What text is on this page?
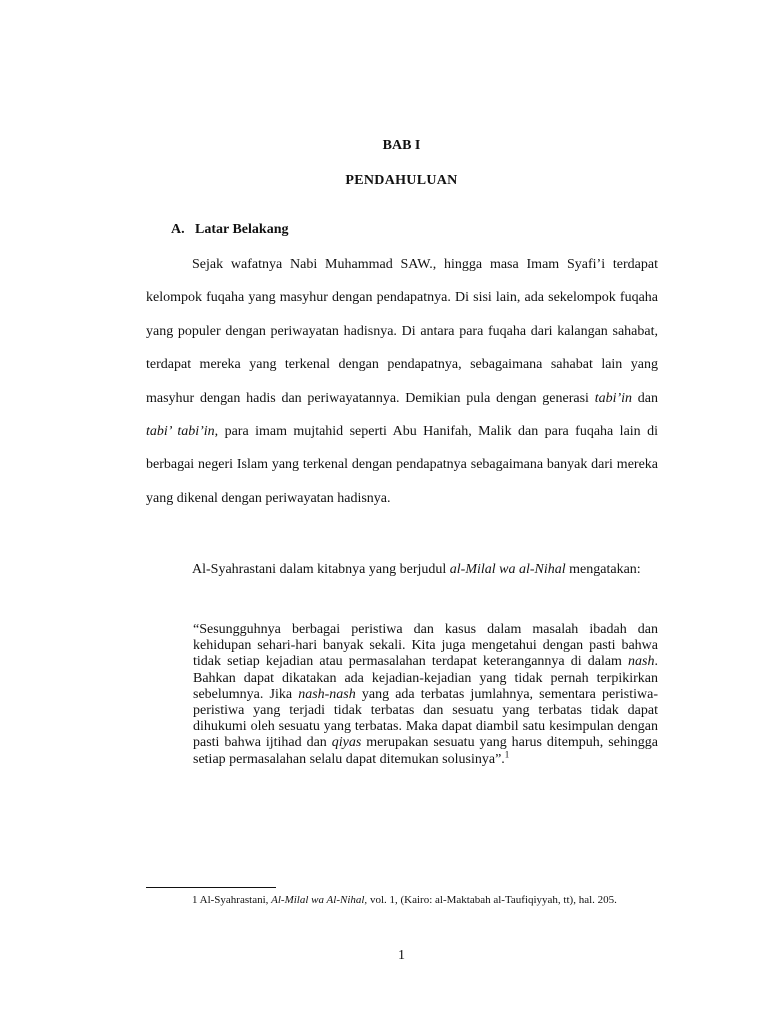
BAB I
PENDAHULUAN
A. Latar Belakang
Sejak wafatnya Nabi Muhammad SAW., hingga masa Imam Syafi’i terdapat kelompok fuqaha yang masyhur dengan pendapatnya. Di sisi lain, ada sekelompok fuqaha yang populer dengan periwayatan hadisnya. Di antara para fuqaha dari kalangan sahabat, terdapat mereka yang terkenal dengan pendapatnya, sebagaimana sahabat lain yang masyhur dengan hadis dan periwayatannya. Demikian pula dengan generasi tabi’in dan tabi’ tabi’in, para imam mujtahid seperti Abu Hanifah, Malik dan para fuqaha lain di berbagai negeri Islam yang terkenal dengan pendapatnya sebagaimana banyak dari mereka yang dikenal dengan periwayatan hadisnya.
Al-Syahrastani dalam kitabnya yang berjudul al-Milal wa al-Nihal mengatakan:
“Sesungguhnya berbagai peristiwa dan kasus dalam masalah ibadah dan kehidupan sehari-hari banyak sekali. Kita juga mengetahui dengan pasti bahwa tidak setiap kejadian atau permasalahan terdapat keterangannya di dalam nash. Bahkan dapat dikatakan ada kejadian-kejadian yang tidak pernah terpikirkan sebelumnya. Jika nash-nash yang ada terbatas jumlahnya, sementara peristiwa-peristiwa yang terjadi tidak terbatas dan sesuatu yang terbatas tidak dapat dihukumi oleh sesuatu yang terbatas. Maka dapat diambil satu kesimpulan dengan pasti bahwa ijtihad dan qiyas merupakan sesuatu yang harus ditempuh, sehingga setiap permasalahan selalu dapat ditemukan solusinya”.$^1$
1 Al-Syahrastani, Al-Milal wa Al-Nihal, vol. 1, (Kairo: al-Maktabah al-Taufiqiyyah, tt), hal. 205.
1
